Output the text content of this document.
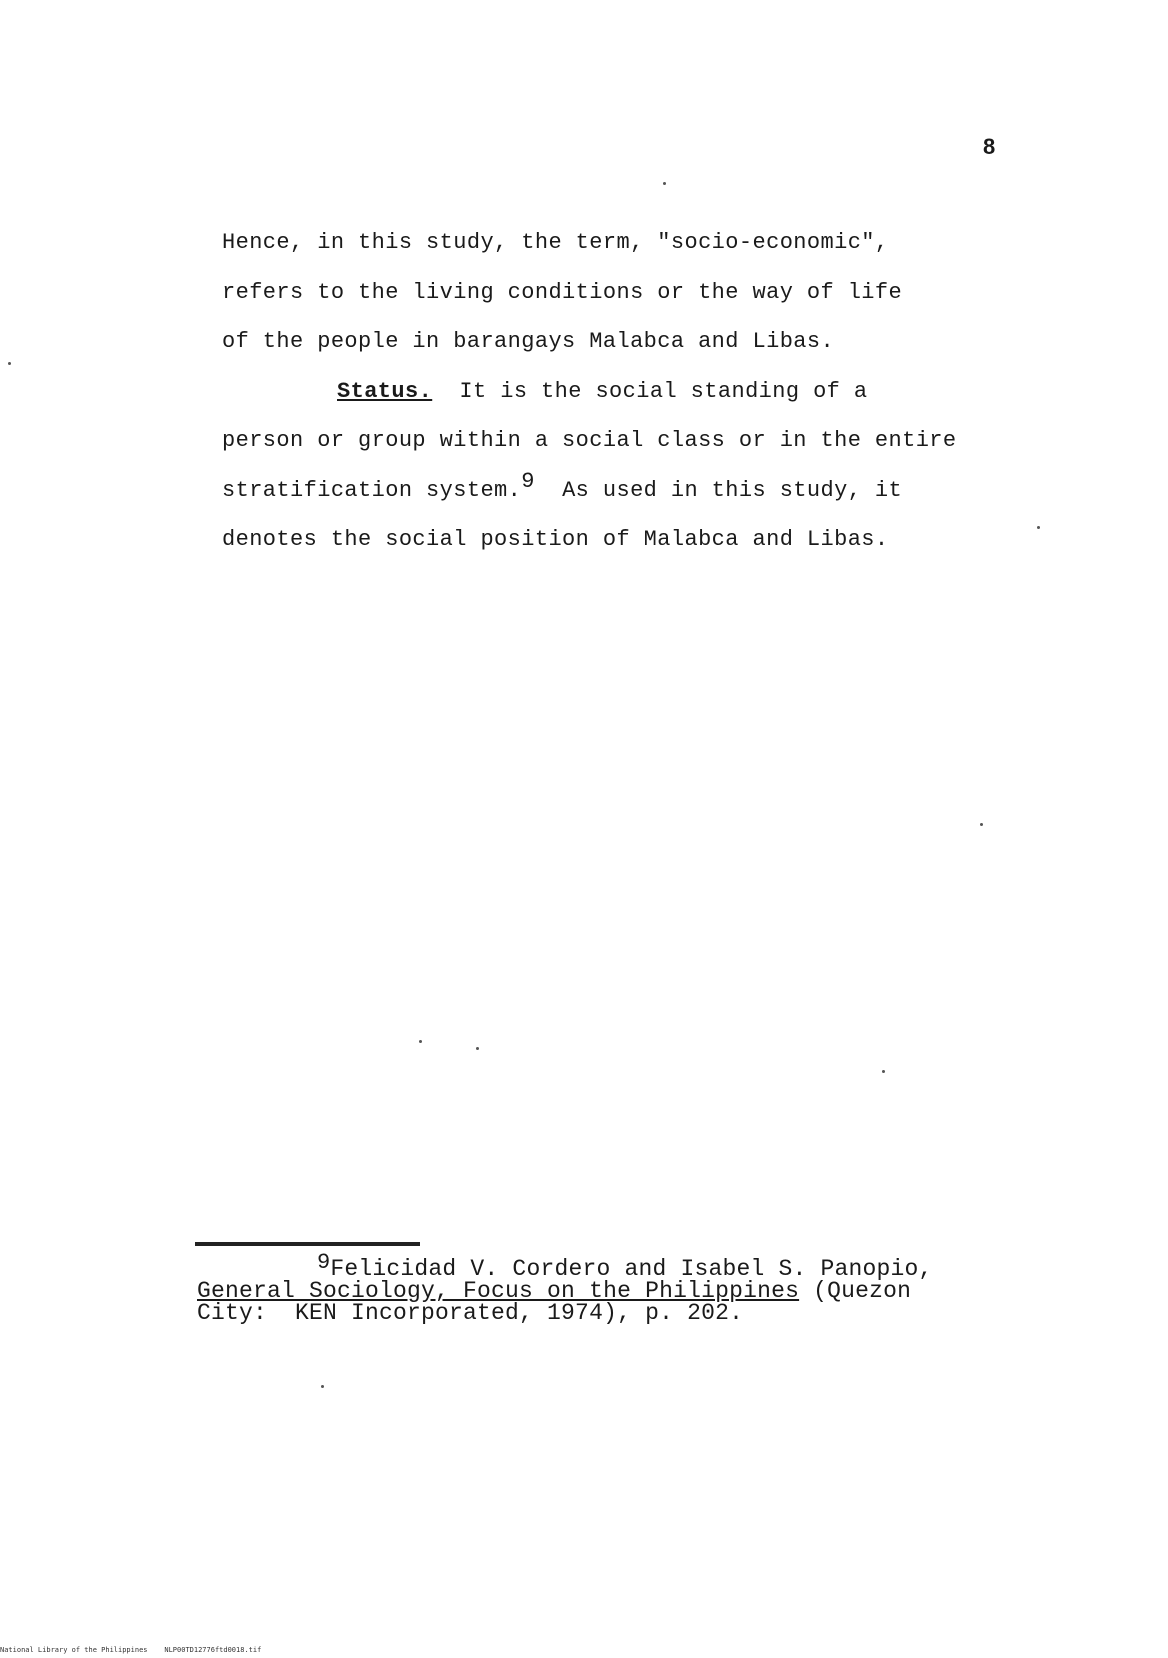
8
Hence, in this study, the term, "socio-economic",
refers to the living conditions or the way of life
of the people in barangays Malabca and Libas.
Status.  It is the social standing of a
person or group within a social class or in the entire
stratification system.$^9$  As used in this study, it
denotes the social position of Malabca and Libas.
$^9$Felicidad V. Cordero and Isabel S. Panopio,
General Sociology, Focus on the Philippines (Quezon
City:  KEN Incorporated, 1974), p. 202.
National Library of the Philippines NLP00TD12776ftd0018.tif
